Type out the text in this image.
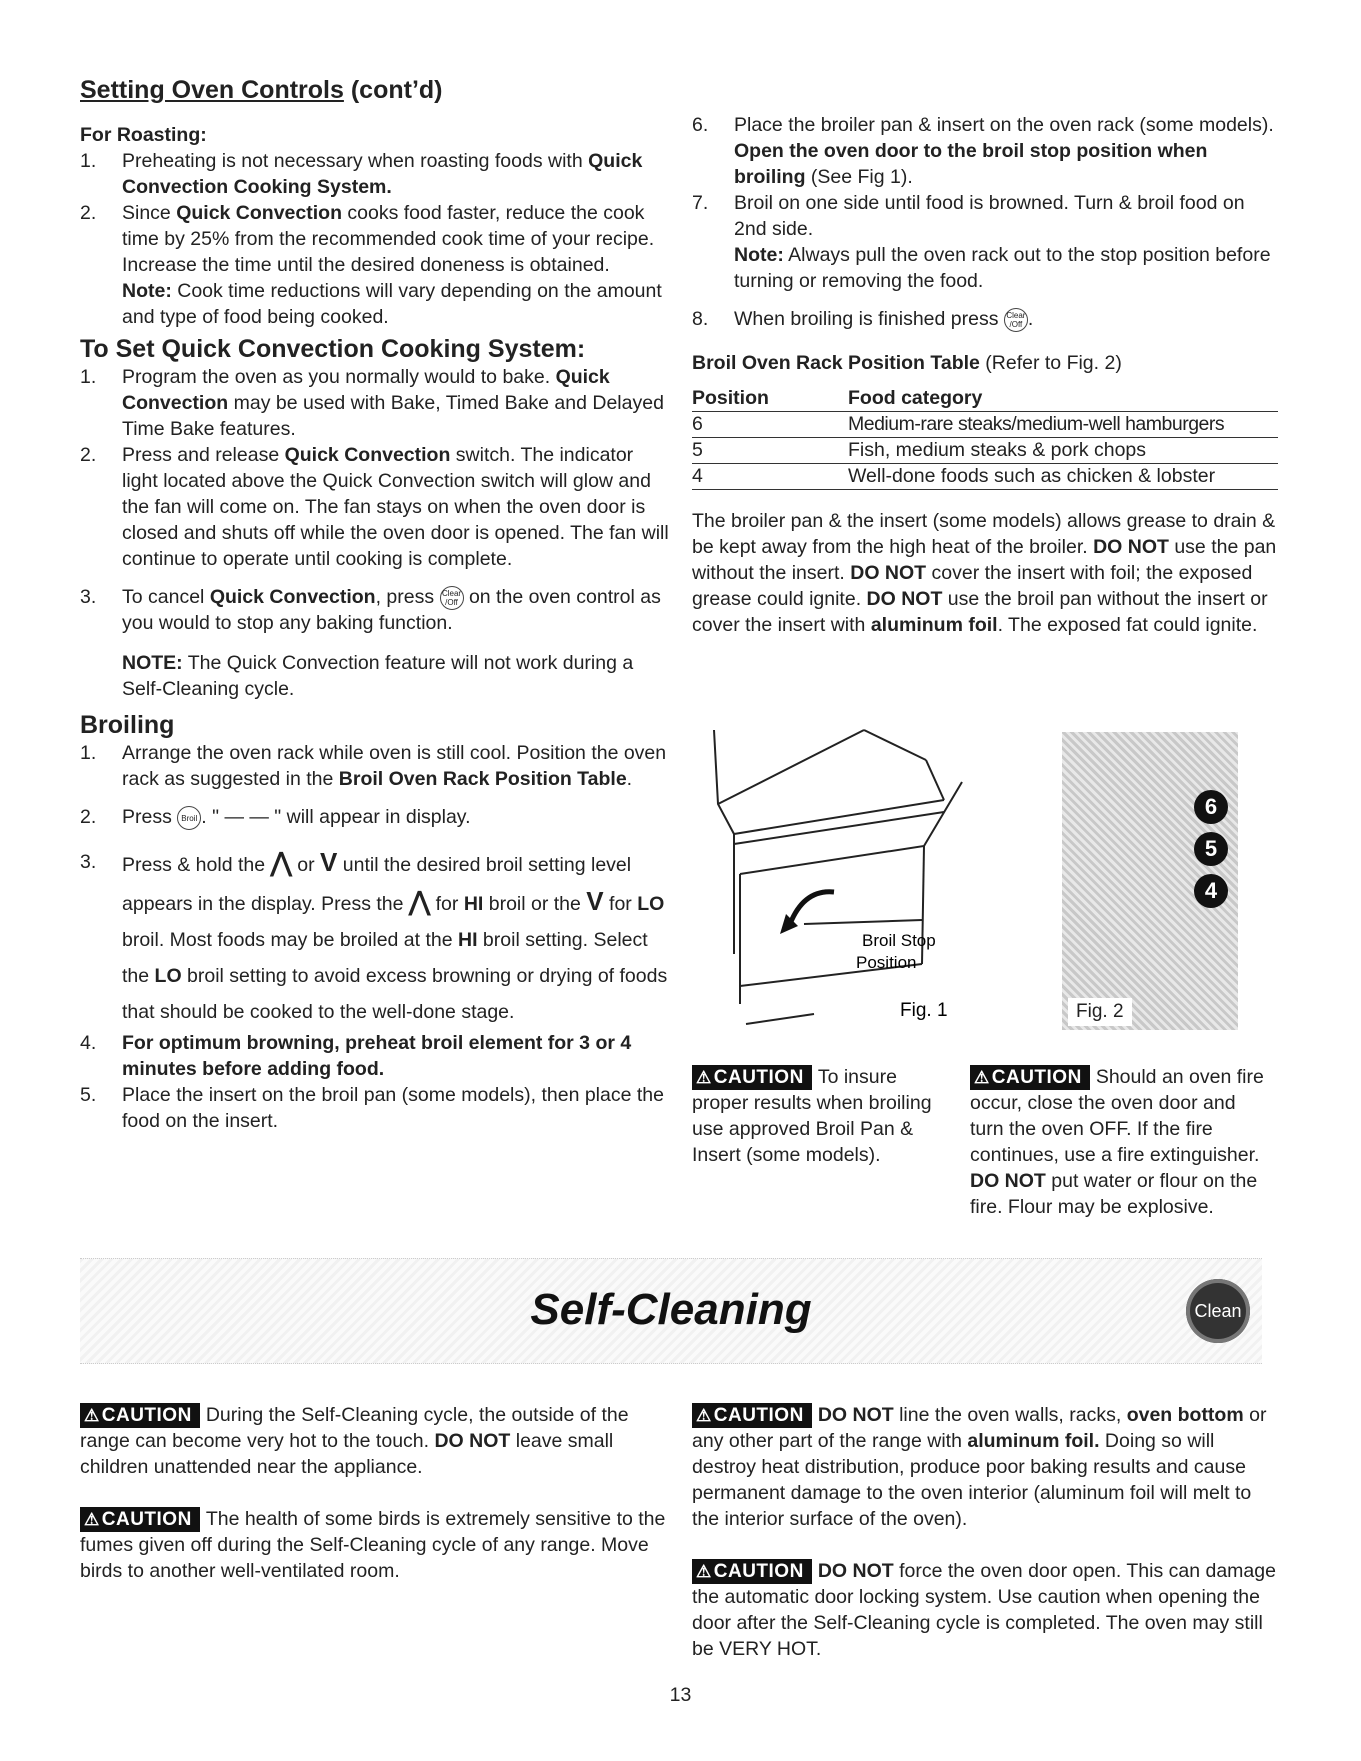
Setting Oven Controls (cont’d)
For Roasting:
1. Preheating is not necessary when roasting foods with Quick Convection Cooking System.
2. Since Quick Convection cooks food faster, reduce the cook time by 25% from the recommended cook time of your recipe. Increase the time until the desired doneness is obtained.
Note: Cook time reductions will vary depending on the amount and type of food being cooked.
To Set Quick Convection Cooking System:
1. Program the oven as you normally would to bake. Quick Convection may be used with Bake, Timed Bake and Delayed Time Bake features.
2. Press and release Quick Convection switch. The indicator light located above the Quick Convection switch will glow and the fan will come on. The fan stays on when the oven door is closed and shuts off while the oven door is opened. The fan will continue to operate until cooking is complete.
3. To cancel Quick Convection, press Clear
/Off on the oven control as you would to stop any baking function.
NOTE: The Quick Convection feature will not work during a Self-Cleaning cycle.
Broiling
1. Arrange the oven rack while oven is still cool. Position the oven rack as suggested in the Broil Oven Rack Position Table.
2. Press Broil . " — — " will appear in display.
3. Press & hold the ⋀ or V until the desired broil setting level appears in the display. Press the ⋀ for HI broil or the V for LO broil. Most foods may be broiled at the HI broil setting. Select the LO broil setting to avoid excess browning or drying of foods that should be cooked to the well-done stage.
4. For optimum browning, preheat broil element for 3 or 4 minutes before adding food.
5. Place the insert on the broil pan (some models), then place the food on the insert.
6. Place the broiler pan & insert on the oven rack (some models). Open the oven door to the broil stop position when broiling (See Fig 1).
7. Broil on one side until food is browned. Turn & broil food on 2nd side.
Note: Always pull the oven rack out to the stop position before turning or removing the food.
8. When broiling is finished press Clear
/Off .
Broil Oven Rack Position Table (Refer to Fig. 2)
Position	Food category
6	Medium-rare steaks/medium-well hamburgers
5	Fish, medium steaks & pork chops
4	Well-done foods such as chicken & lobster

The broiler pan & the insert (some models) allows grease to drain & be kept away from the high heat of the broiler. DO NOT use the pan without the insert. DO NOT cover the insert with foil; the exposed grease could ignite. DO NOT use the broil pan without the insert or cover the insert with aluminum foil. The exposed fat could ignite.

Broil Stop
Position
Fig. 1
6
5
4
Fig. 2
⚠ CAUTION To insure proper results when broiling use approved Broil Pan & Insert (some models).
⚠ CAUTION Should an oven fire occur, close the oven door and turn the oven OFF. If the fire continues, use a fire extinguisher. DO NOT put water or flour on the fire. Flour may be explosive.
Self-Cleaning	Clean
⚠ CAUTION During the Self-Cleaning cycle, the outside of the range can become very hot to the touch. DO NOT leave small children unattended near the appliance.
⚠ CAUTION The health of some birds is extremely sensitive to the fumes given off during the Self-Cleaning cycle of any range. Move birds to another well-ventilated room.
⚠ CAUTION DO NOT line the oven walls, racks, oven bottom or any other part of the range with aluminum foil. Doing so will destroy heat distribution, produce poor baking results and cause permanent damage to the oven interior (aluminum foil will melt to the interior surface of the oven).
⚠ CAUTION DO NOT force the oven door open. This can damage the automatic door locking system. Use caution when opening the door after the Self-Cleaning cycle is completed. The oven may still be VERY HOT.
13
